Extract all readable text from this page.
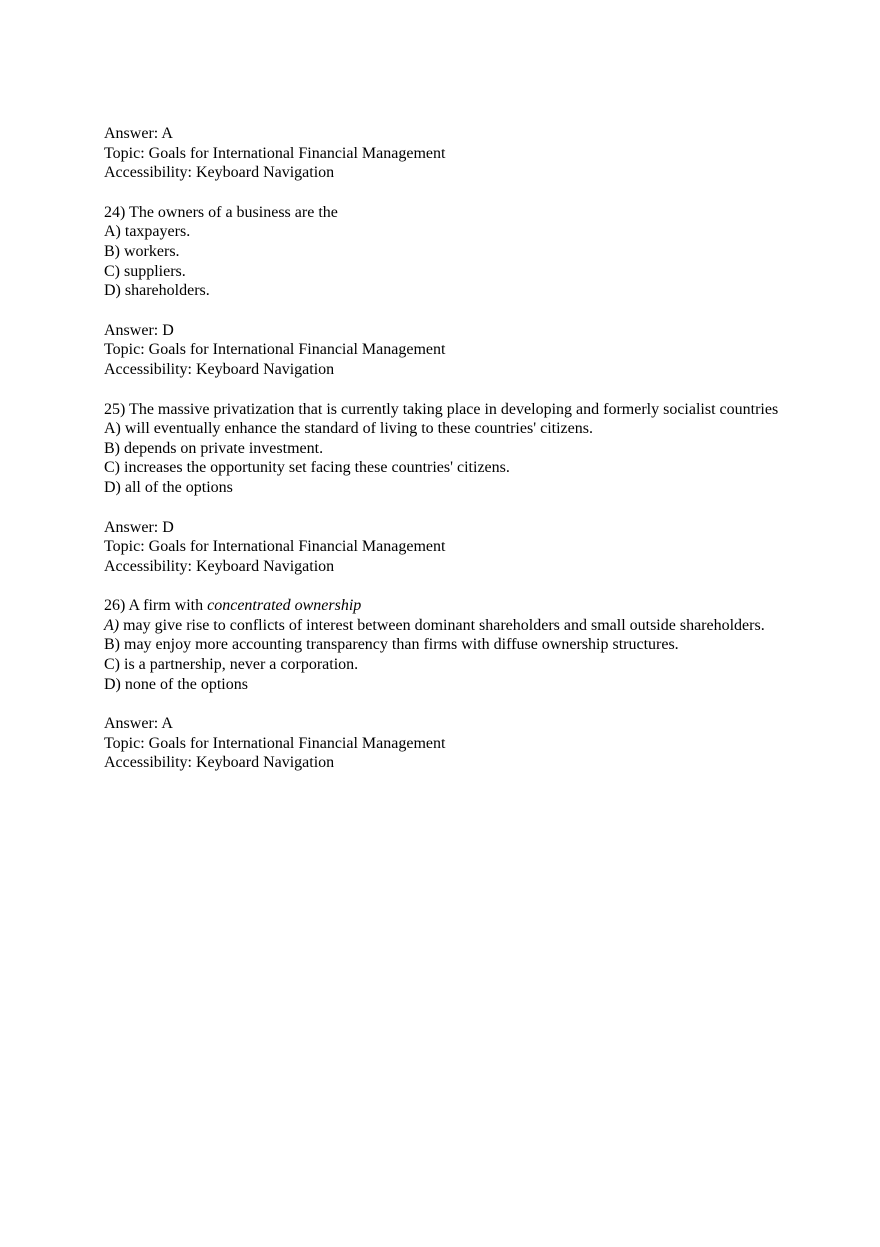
Answer: A
Topic: Goals for International Financial Management
Accessibility: Keyboard Navigation
24) The owners of a business are the
A) taxpayers.
B) workers.
C) suppliers.
D) shareholders.
Answer: D
Topic: Goals for International Financial Management
Accessibility: Keyboard Navigation
25) The massive privatization that is currently taking place in developing and formerly socialist countries
A) will eventually enhance the standard of living to these countries' citizens.
B) depends on private investment.
C) increases the opportunity set facing these countries' citizens.
D) all of the options
Answer: D
Topic: Goals for International Financial Management
Accessibility: Keyboard Navigation
26) A firm with concentrated ownership
A) may give rise to conflicts of interest between dominant shareholders and small outside shareholders.
B) may enjoy more accounting transparency than firms with diffuse ownership structures.
C) is a partnership, never a corporation.
D) none of the options
Answer: A
Topic: Goals for International Financial Management
Accessibility: Keyboard Navigation
